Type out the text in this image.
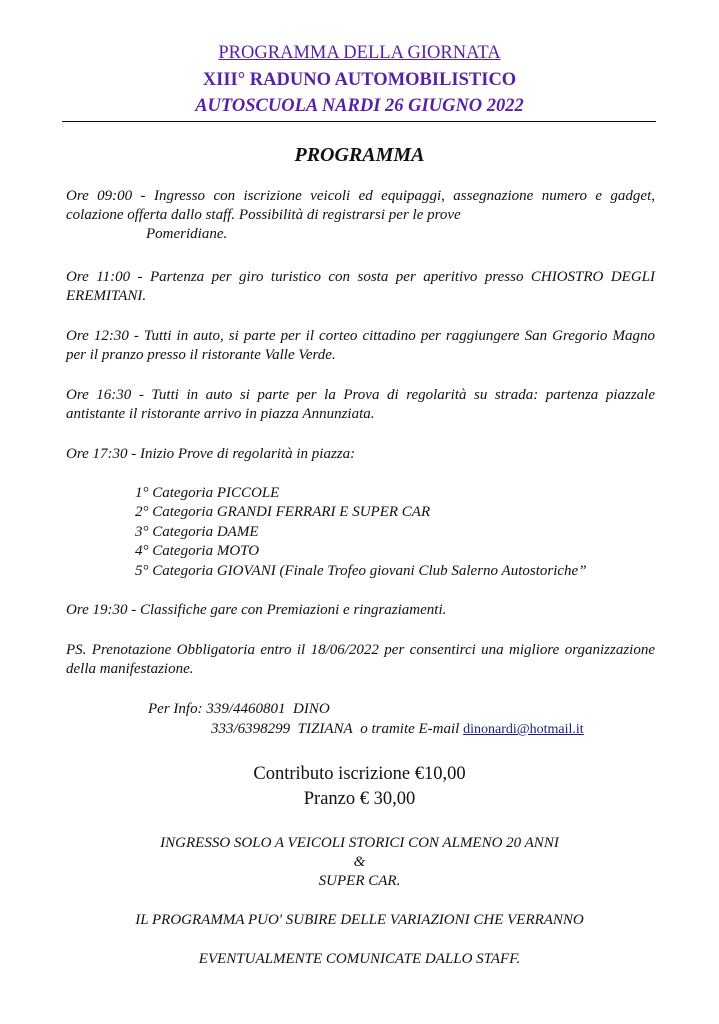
PROGRAMMA DELLA GIORNATA
XIII° RADUNO AUTOMOBILISTICO
AUTOSCUOLA NARDI 26 GIUGNO 2022
PROGRAMMA
Ore 09:00 - Ingresso con iscrizione veicoli ed equipaggi, assegnazione numero e gadget, colazione offerta dallo staff. Possibilità di registrarsi per le prove
Pomeridiane.
Ore 11:00 - Partenza per giro turistico con sosta per aperitivo presso CHIOSTRO DEGLI EREMITANI.
Ore 12:30 - Tutti in auto, si parte per il corteo cittadino per raggiungere San Gregorio Magno per il pranzo presso il ristorante Valle Verde.
Ore 16:30 - Tutti in auto si parte per la Prova di regolarità su strada: partenza piazzale antistante il ristorante arrivo in piazza Annunziata.
Ore 17:30 - Inizio Prove di regolarità in piazza:
1° Categoria PICCOLE
2° Categoria GRANDI FERRARI E SUPER CAR
3° Categoria DAME
4° Categoria MOTO
5° Categoria GIOVANI (Finale Trofeo giovani Club Salerno Autostoriche”
Ore 19:30 - Classifiche gare con Premiazioni e ringraziamenti.
PS. Prenotazione Obbligatoria entro il 18/06/2022 per consentirci una migliore organizzazione della manifestazione.
Per Info: 339/4460801 DINO
333/6398299 TIZIANA o tramite E-mail dinonardi@hotmail.it
Contributo iscrizione €10,00
Pranzo € 30,00
INGRESSO SOLO A VEICOLI STORICI CON ALMENO 20 ANNI
&
SUPER CAR.
IL PROGRAMMA PUO' SUBIRE DELLE VARIAZIONI CHE VERRANNO
EVENTUALMENTE COMUNICATE DALLO STAFF.
